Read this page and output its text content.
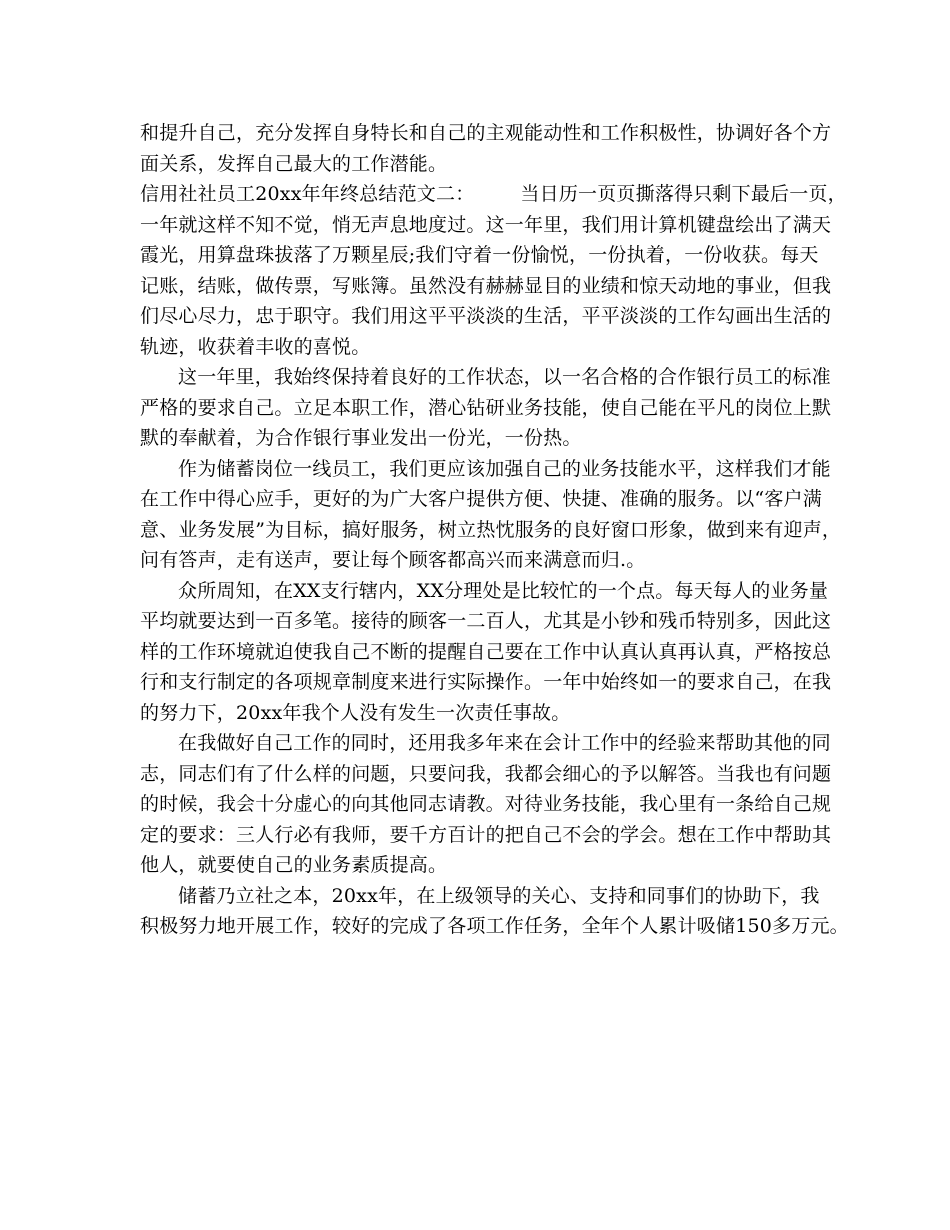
和提升自己，充分发挥自身特长和自己的主观能动性和工作积极性，协调好各个方
面关系，发挥自己最大的工作潜能。
信用社社员工20xx年年终总结范文二： 当日历一页页撕落得只剩下最后一页，
一年就这样不知不觉，悄无声息地度过。这一年里，我们用计算机键盘绘出了满天
霞光，用算盘珠拔落了万颗星辰;我们守着一份愉悦，一份执着，一份收获。每天
记账，结账，做传票，写账簿。虽然没有赫赫显目的业绩和惊天动地的事业，但我
们尽心尽力，忠于职守。我们用这平平淡淡的生活，平平淡淡的工作勾画出生活的
轨迹，收获着丰收的喜悦。
这一年里，我始终保持着良好的工作状态，以一名合格的合作银行员工的标准
严格的要求自己。立足本职工作，潜心钻研业务技能，使自己能在平凡的岗位上默
默的奉献着，为合作银行事业发出一份光，一份热。
作为储蓄岗位一线员工，我们更应该加强自己的业务技能水平，这样我们才能
在工作中得心应手，更好的为广大客户提供方便、快捷、准确的服务。以“客户满
意、业务发展”为目标，搞好服务，树立热忱服务的良好窗口形象，做到来有迎声，
问有答声，走有送声，要让每个顾客都高兴而来满意而归.。
众所周知，在XX支行辖内，XX分理处是比较忙的一个点。每天每人的业务量
平均就要达到一百多笔。接待的顾客一二百人，尤其是小钞和残币特别多，因此这
样的工作环境就迫使我自己不断的提醒自己要在工作中认真认真再认真，严格按总
行和支行制定的各项规章制度来进行实际操作。一年中始终如一的要求自己，在我
的努力下，20xx年我个人没有发生一次责任事故。
在我做好自己工作的同时，还用我多年来在会计工作中的经验来帮助其他的同
志，同志们有了什么样的问题，只要问我，我都会细心的予以解答。当我也有问题
的时候，我会十分虚心的向其他同志请教。对待业务技能，我心里有一条给自己规
定的要求：三人行必有我师，要千方百计的把自己不会的学会。想在工作中帮助其
他人，就要使自己的业务素质提高。
储蓄乃立社之本，20xx年，在上级领导的关心、支持和同事们的协助下，我
积极努力地开展工作，较好的完成了各项工作任务，全年个人累计吸储150多万元。
